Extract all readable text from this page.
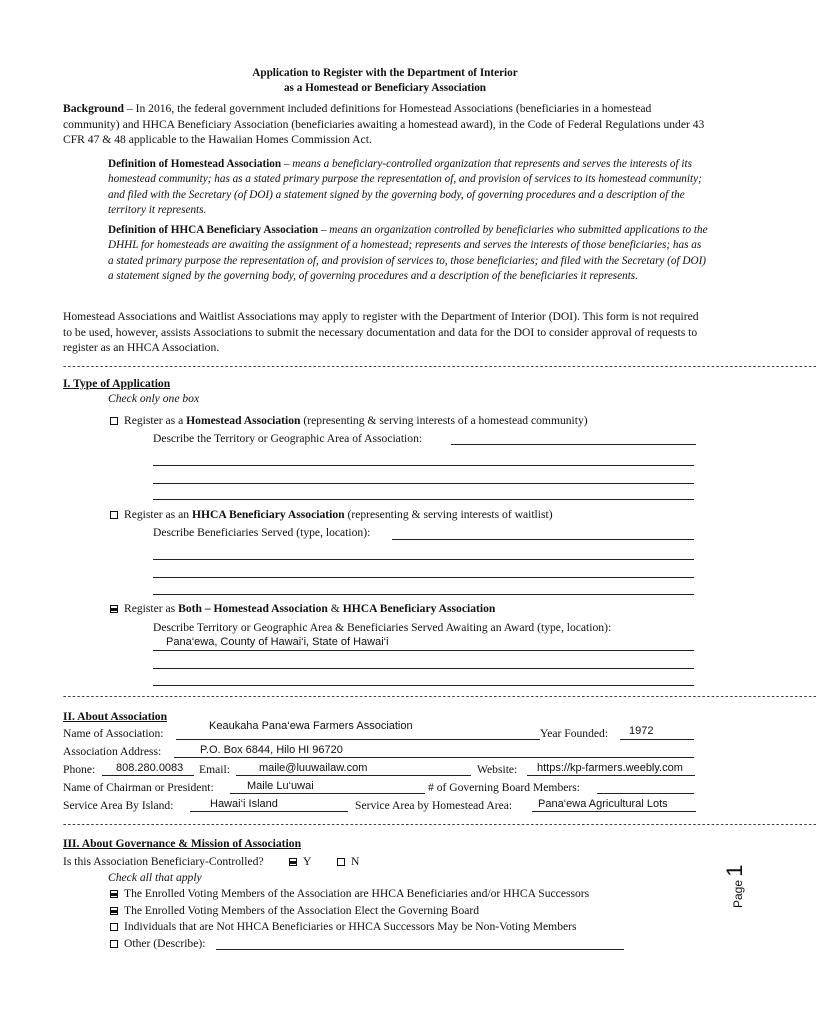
Application to Register with the Department of Interior
as a Homestead or Beneficiary Association
Background – In 2016, the federal government included definitions for Homestead Associations (beneficiaries in a homestead community) and HHCA Beneficiary Association (beneficiaries awaiting a homestead award), in the Code of Federal Regulations under 43 CFR 47 & 48 applicable to the Hawaiian Homes Commission Act.
Definition of Homestead Association – means a beneficiary-controlled organization that represents and serves the interests of its homestead community; has as a stated primary purpose the representation of, and provision of services to its homestead community; and filed with the Secretary (of DOI) a statement signed by the governing body, of governing procedures and a description of the territory it represents.
Definition of HHCA Beneficiary Association – means an organization controlled by beneficiaries who submitted applications to the DHHL for homesteads are awaiting the assignment of a homestead; represents and serves the interests of those beneficiaries; has as a stated primary purpose the representation of, and provision of services to, those beneficiaries; and filed with the Secretary (of DOI) a statement signed by the governing body, of governing procedures and a description of the beneficiaries it represents.
Homestead Associations and Waitlist Associations may apply to register with the Department of Interior (DOI). This form is not required to be used, however, assists Associations to submit the necessary documentation and data for the DOI to consider approval of requests to register as an HHCA Association.
- - - - - - - - - - - - - - - - - - - - - - - - - - - - - - - - - - - - - - - - - - - - - - - - - - - - - - - - - - - - - - - - - - - - - - - - - - - - - - - - - - - - - - - - - - - - - - - - - - - - - - - - - - - - - - - - - - - - - - - - - - - - - - - - - - - - - - - - - - - - - - - - - - - - - - - - - - - - - - - - - - -
I. Type of Application
Check only one box
Register as a Homestead Association (representing & serving interests of a homestead community)
Describe the Territory or Geographic Area of Association:
Register as an HHCA Beneficiary Association (representing & serving interests of waitlist)
Describe Beneficiaries Served (type, location):
Register as Both – Homestead Association & HHCA Beneficiary Association
Describe Territory or Geographic Area & Beneficiaries Served Awaiting an Award (type, location):
Pana‘ewa, County of Hawai‘i, State of Hawai‘i
- - - - - - - - - - - - - - - - - - - - - - - - - - - - - - - - - - - - - - - - - - - - - - - - - - - - - - - - - - - - - - - - - - - - - - - - - - - - - - - - - - - - - - - - - - - - - - - - - - - - - - - - - - - - - - - - - - - - - - - - - - - - - - - - - - - - - - - - - - - - - - - - - - - - - - - - - - - - - - - - - - -
II. About Association
Name of Association:
Keaukaha Pana‘ewa Farmers Association
Year Founded: 1972
Association Address:	P.O. Box 6844, Hilo HI 96720
Phone: 808.280.0083 Email:	maile@luuwailaw.com	Website: https://kp-farmers.weebly.com
Name of Chairman or President:	Maile Lu‘uwai	# of Governing Board Members:
Service Area By Island:	Hawai‘i Island	Service Area by Homestead Area: Pana‘ewa Agricultural Lots
- - - - - - - - - - - - - - - - - - - - - - - - - - - - - - - - - - - - - - - - - - - - - - - - - - - - - - - - - - - - - - - - - - - - - - - - - - - - - - - - - - - - - - - - - - - - - - - - - - - - - - - - - - - - - - - - - - - - - - - - - - - - - - - - - - - - - - - - - - - - - - - - - - - - - - - - - - - - - - - - - - -
III. About Governance & Mission of Association
Is this Association Beneficiary-Controlled?	Y	N
Check all that apply
The Enrolled Voting Members of the Association are HHCA Beneficiaries and/or HHCA Successors
The Enrolled Voting Members of the Association Elect the Governing Board
Individuals that are Not HHCA Beneficiaries or HHCA Successors May be Non-Voting Members
Other (Describe):
Page 1
